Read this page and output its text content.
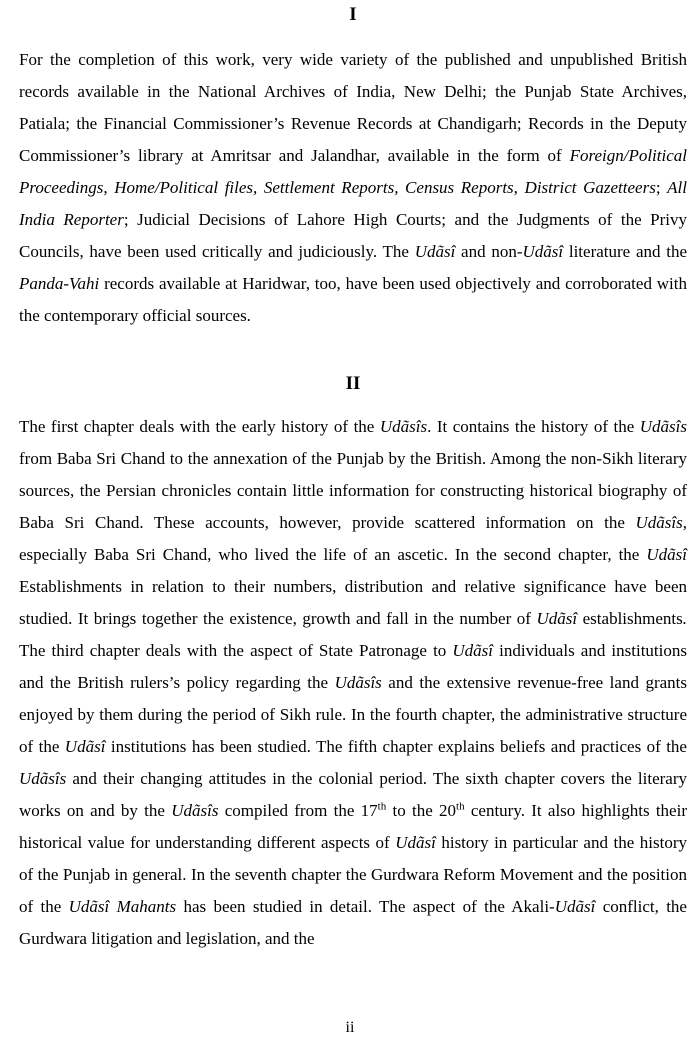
I

For the completion of this work, very wide variety of the published and unpublished British records available in the National Archives of India, New Delhi; the Punjab State Archives, Patiala; the Financial Commissioner’s Revenue Records at Chandigarh; Records in the Deputy Commissioner’s library at Amritsar and Jalandhar, available in the form of Foreign/Political Proceedings, Home/Political files, Settlement Reports, Census Reports, District Gazetteers; All India Reporter; Judicial Decisions of Lahore High Courts; and the Judgments of the Privy Councils, have been used critically and judiciously. The Udãsî and non-Udãsî literature and the Panda-Vahi records available at Haridwar, too, have been used objectively and corroborated with the contemporary official sources.

II

The first chapter deals with the early history of the Udãsîs. It contains the history of the Udãsîs from Baba Sri Chand to the annexation of the Punjab by the British. Among the non-Sikh literary sources, the Persian chronicles contain little information for constructing historical biography of Baba Sri Chand. These accounts, however, provide scattered information on the Udãsîs, especially Baba Sri Chand, who lived the life of an ascetic. In the second chapter, the Udãsî Establishments in relation to their numbers, distribution and relative significance have been studied. It brings together the existence, growth and fall in the number of Udãsî establishments. The third chapter deals with the aspect of State Patronage to Udãsî individuals and institutions and the British rulers’s policy regarding the Udãsîs and the extensive revenue-free land grants enjoyed by them during the period of Sikh rule. In the fourth chapter, the administrative structure of the Udãsî institutions has been studied. The fifth chapter explains beliefs and practices of the Udãsîs and their changing attitudes in the colonial period. The sixth chapter covers the literary works on and by the Udãsîs compiled from the 17th to the 20th century. It also highlights their historical value for understanding different aspects of Udãsî history in particular and the history of the Punjab in general. In the seventh chapter the Gurdwara Reform Movement and the position of the Udãsî Mahants has been studied in detail. The aspect of the Akali-Udãsî conflict, the Gurdwara litigation and legislation, and the

ii
